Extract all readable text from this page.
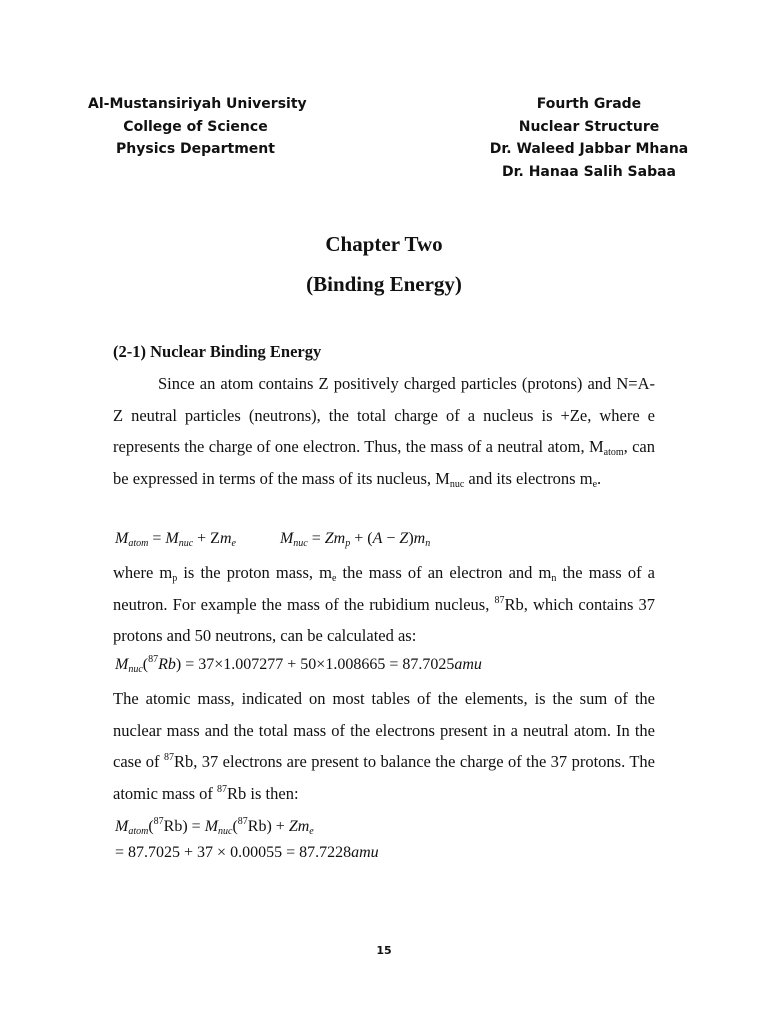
Al-Mustansiriyah University
College of Science
Physics Department
Fourth Grade
Nuclear Structure
Dr. Waleed Jabbar Mhana
Dr. Hanaa Salih Sabaa
Chapter Two
(Binding Energy)
(2-1) Nuclear Binding Energy
Since an atom contains Z positively charged particles (protons) and N=A-Z neutral particles (neutrons), the total charge of a nucleus is +Ze, where e represents the charge of one electron. Thus, the mass of a neutral atom, $M_{atom}$, can be expressed in terms of the mass of its nucleus, $M_{nuc}$ and its electrons $m_e$.
$M_{atom} = M_{nuc} + Zm_e$	$M_{nuc} = Zm_p + (A - Z)m_n$
where $m_p$ is the proton mass, $m_e$ the mass of an electron and $m_n$ the mass of a neutron. For example the mass of the rubidium nucleus, $^{87}$Rb, which contains 37 protons and 50 neutrons, can be calculated as:
$M_{nuc}(^{87}Rb) = 37\times 1.007277 + 50\times 1.008665 = 87.7025amu$
The atomic mass, indicated on most tables of the elements, is the sum of the nuclear mass and the total mass of the electrons present in a neutral atom. In the case of $^{87}$Rb, 37 electrons are present to balance the charge of the 37 protons. The atomic mass of $^{87}$Rb is then:
$M_{atom}(^{87}Rb) = M_{nuc}(^{87}Rb) + Zm_e$
= 87.7025 + 37 × 0.00055 = 87.7228amu
15
